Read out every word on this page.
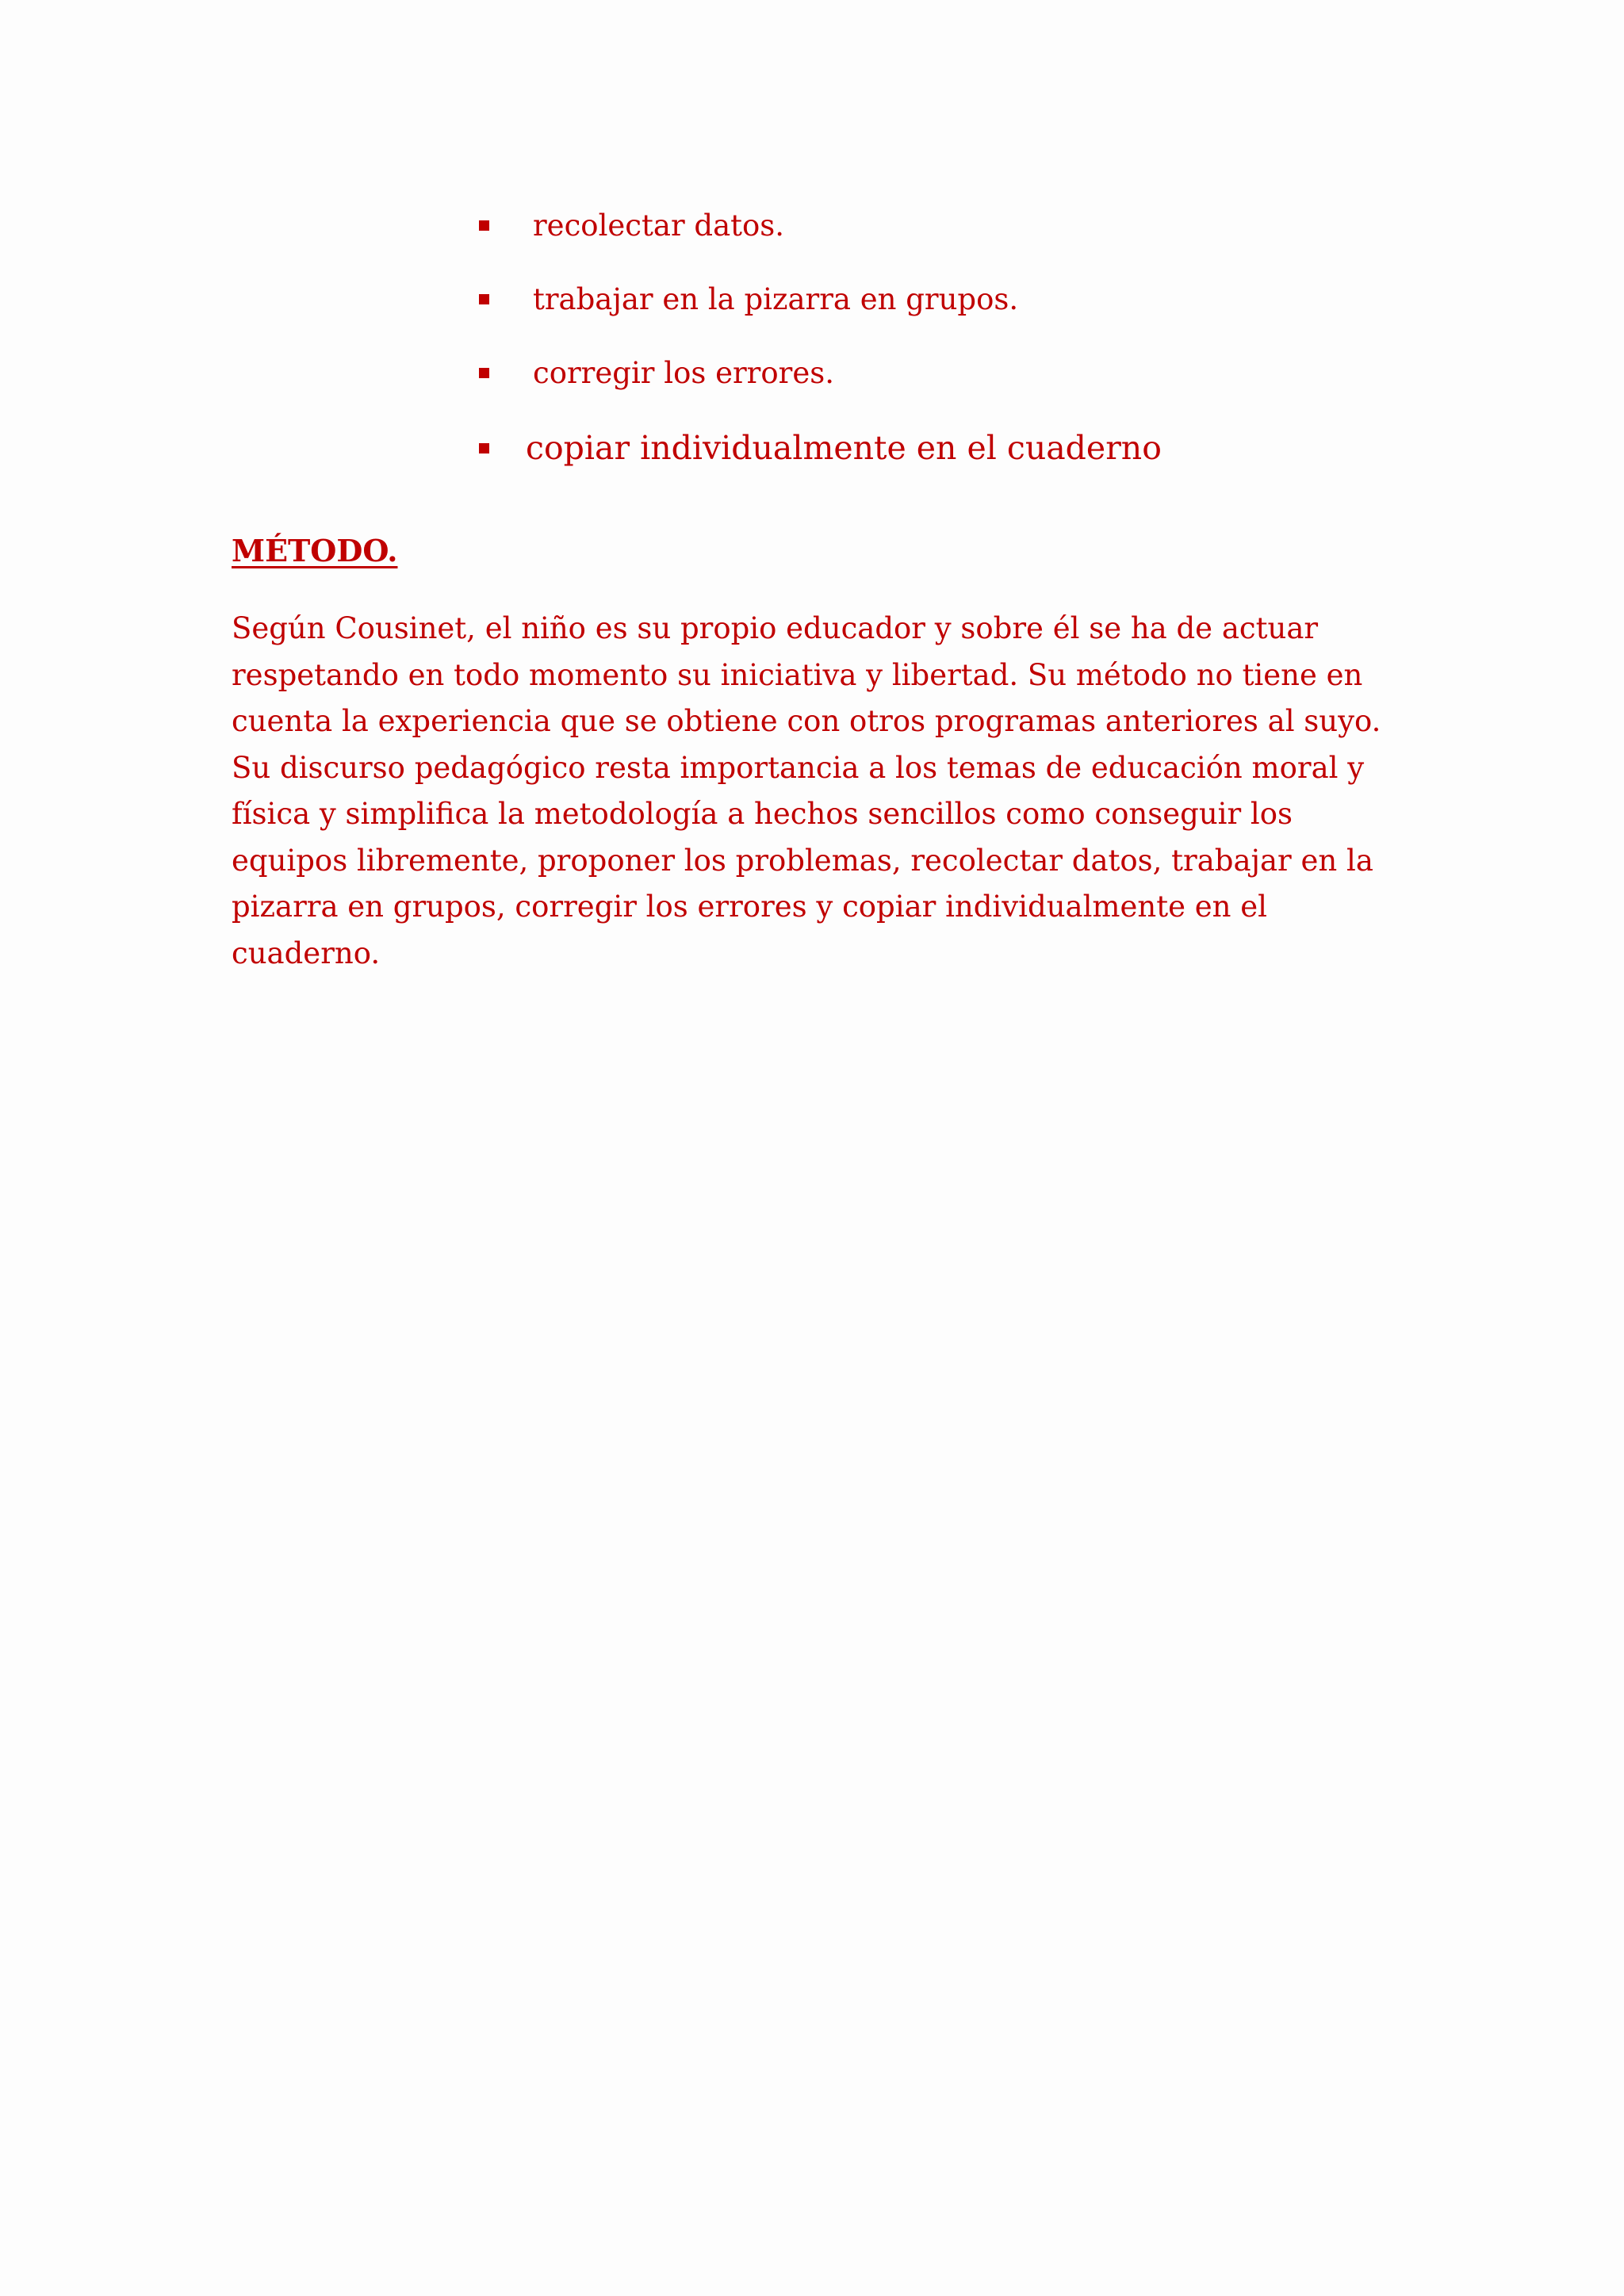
recolectar datos.
trabajar en la pizarra en grupos.
corregir los errores.
copiar individualmente en el cuaderno
MÉTODO.

Según Cousinet, el niño es su propio educador y sobre él se ha de actuar respetando en todo momento su iniciativa y libertad. Su método no tiene en cuenta la experiencia que se obtiene con otros programas anteriores al suyo. Su discurso pedagógico resta importancia a los temas de educación moral y física y simplifica la metodología a hechos sencillos como conseguir los equipos libremente, proponer los problemas, recolectar datos, trabajar en la pizarra en grupos, corregir los errores y copiar individualmente en el cuaderno.
